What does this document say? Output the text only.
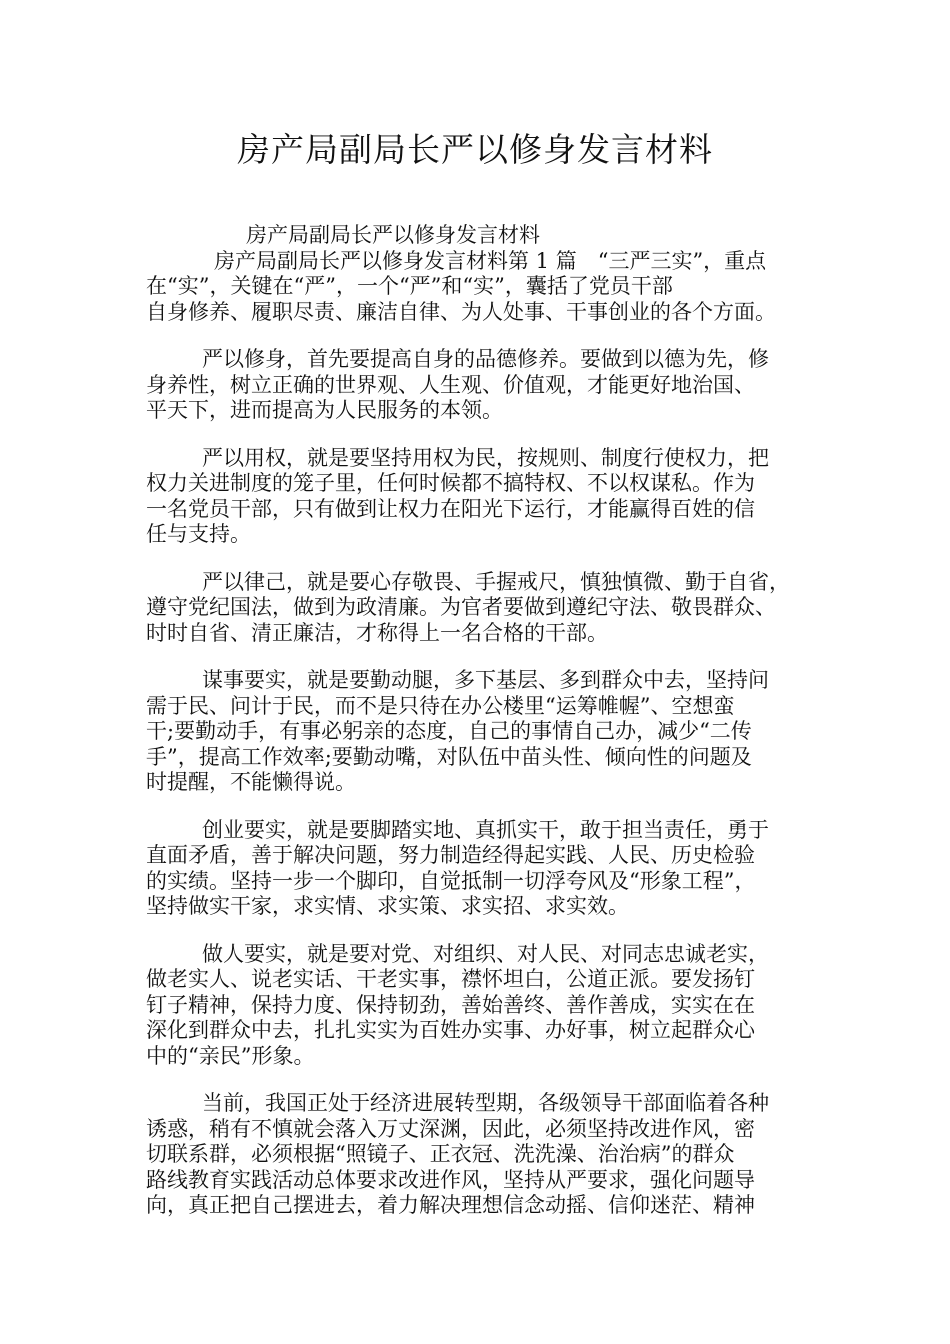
房产局副局长严以修身发言材料
房产局副局长严以修身发言材料
房产局副局长严以修身发言材料第 1 篇　“三严三实”，重点
在“实”，关键在“严”，一个“严”和“实”，囊括了党员干部
自身修养、履职尽责、廉洁自律、为人处事、干事创业的各个方面。
严以修身，首先要提高自身的品德修养。要做到以德为先，修
身养性，树立正确的世界观、人生观、价值观，才能更好地治国、
平天下，进而提高为人民服务的本领。
严以用权，就是要坚持用权为民，按规则、制度行使权力，把
权力关进制度的笼子里，任何时候都不搞特权、不以权谋私。作为
一名党员干部，只有做到让权力在阳光下运行，才能赢得百姓的信
任与支持。
严以律己，就是要心存敬畏、手握戒尺，慎独慎微、勤于自省，
遵守党纪国法，做到为政清廉。为官者要做到遵纪守法、敬畏群众、
时时自省、清正廉洁，才称得上一名合格的干部。
谋事要实，就是要勤动腿，多下基层、多到群众中去，坚持问
需于民、问计于民，而不是只待在办公楼里“运筹帷幄”、空想蛮
干;要勤动手，有事必躬亲的态度，自己的事情自己办，减少“二传
手”，提高工作效率;要勤动嘴，对队伍中苗头性、倾向性的问题及
时提醒，不能懒得说。
创业要实，就是要脚踏实地、真抓实干，敢于担当责任，勇于
直面矛盾，善于解决问题，努力制造经得起实践、人民、历史检验
的实绩。坚持一步一个脚印，自觉抵制一切浮夸风及“形象工程”，
坚持做实干家，求实情、求实策、求实招、求实效。
做人要实，就是要对党、对组织、对人民、对同志忠诚老实，
做老实人、说老实话、干老实事，襟怀坦白，公道正派。要发扬钉
钉子精神，保持力度、保持韧劲，善始善终、善作善成，实实在在
深化到群众中去，扎扎实实为百姓办实事、办好事，树立起群众心
中的“亲民”形象。
当前，我国正处于经济进展转型期，各级领导干部面临着各种
诱惑，稍有不慎就会落入万丈深渊，因此，必须坚持改进作风，密
切联系群，必须根据“照镜子、正衣冠、洗洗澡、治治病”的群众
路线教育实践活动总体要求改进作风，坚持从严要求，强化问题导
向，真正把自己摆进去，着力解决理想信念动摇、信仰迷茫、精神
